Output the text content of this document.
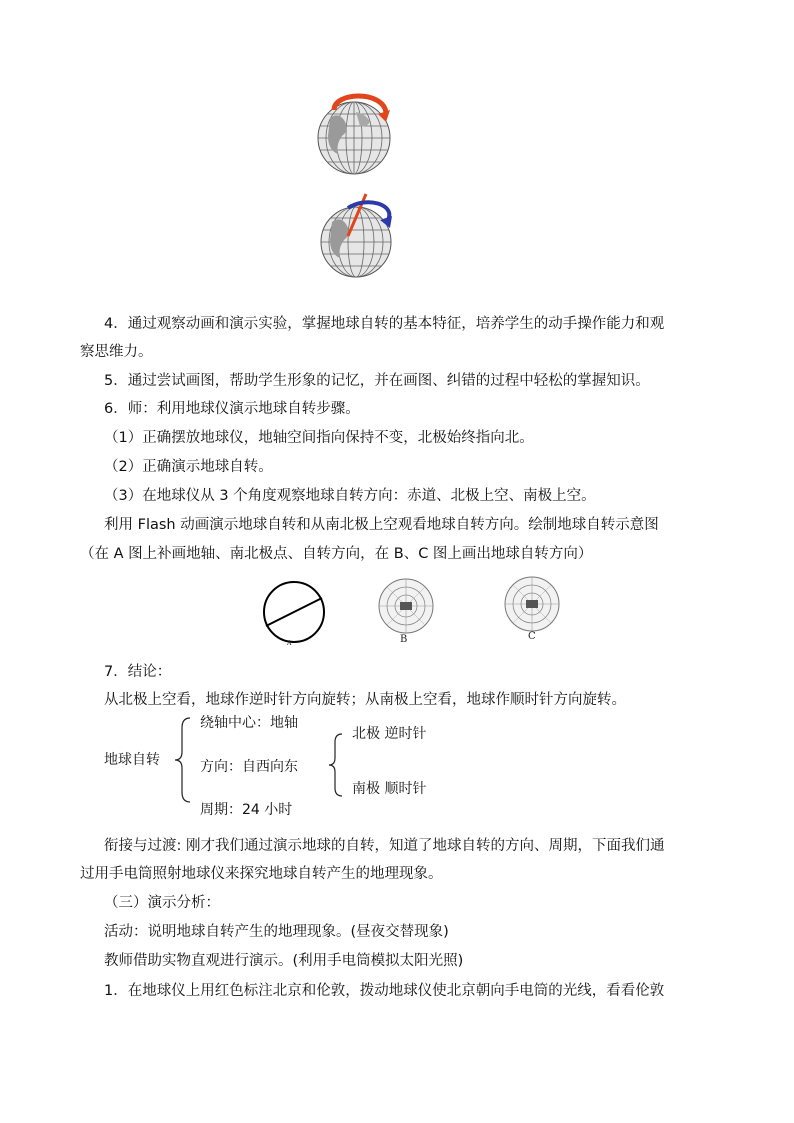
4．通过观察动画和演示实验，掌握地球自转的基本特征，培养学生的动手操作能力和观
察思维力。
5．通过尝试画图，帮助学生形象的记忆，并在画图、纠错的过程中轻松的掌握知识。
6．师：利用地球仪演示地球自转步骤。
（1）正确摆放地球仪，地轴空间指向保持不变，北极始终指向北。
（2）正确演示地球自转。
（3）在地球仪从 3 个角度观察地球自转方向：赤道、北极上空、南极上空。
利用 Flash 动画演示地球自转和从南北极上空观看地球自转方向。绘制地球自转示意图
（在 A 图上补画地轴、南北极点、自转方向，在 B、C 图上画出地球自转方向）
A	B	C
7．结论：
从北极上空看，地球作逆时针方向旋转；从南极上空看，地球作顺时针方向旋转。
地球自转
绕轴中心：地轴
方向：自西向东
周期：24 小时
北极 逆时针
南极 顺时针
衔接与过渡: 刚才我们通过演示地球的自转，知道了地球自转的方向、周期，下面我们通
过用手电筒照射地球仪来探究地球自转产生的地理现象。
（三）演示分析：
活动：说明地球自转产生的地理现象。(昼夜交替现象)
教师借助实物直观进行演示。(利用手电筒模拟太阳光照)
1．在地球仪上用红色标注北京和伦敦，拨动地球仪使北京朝向手电筒的光线，看看伦敦
